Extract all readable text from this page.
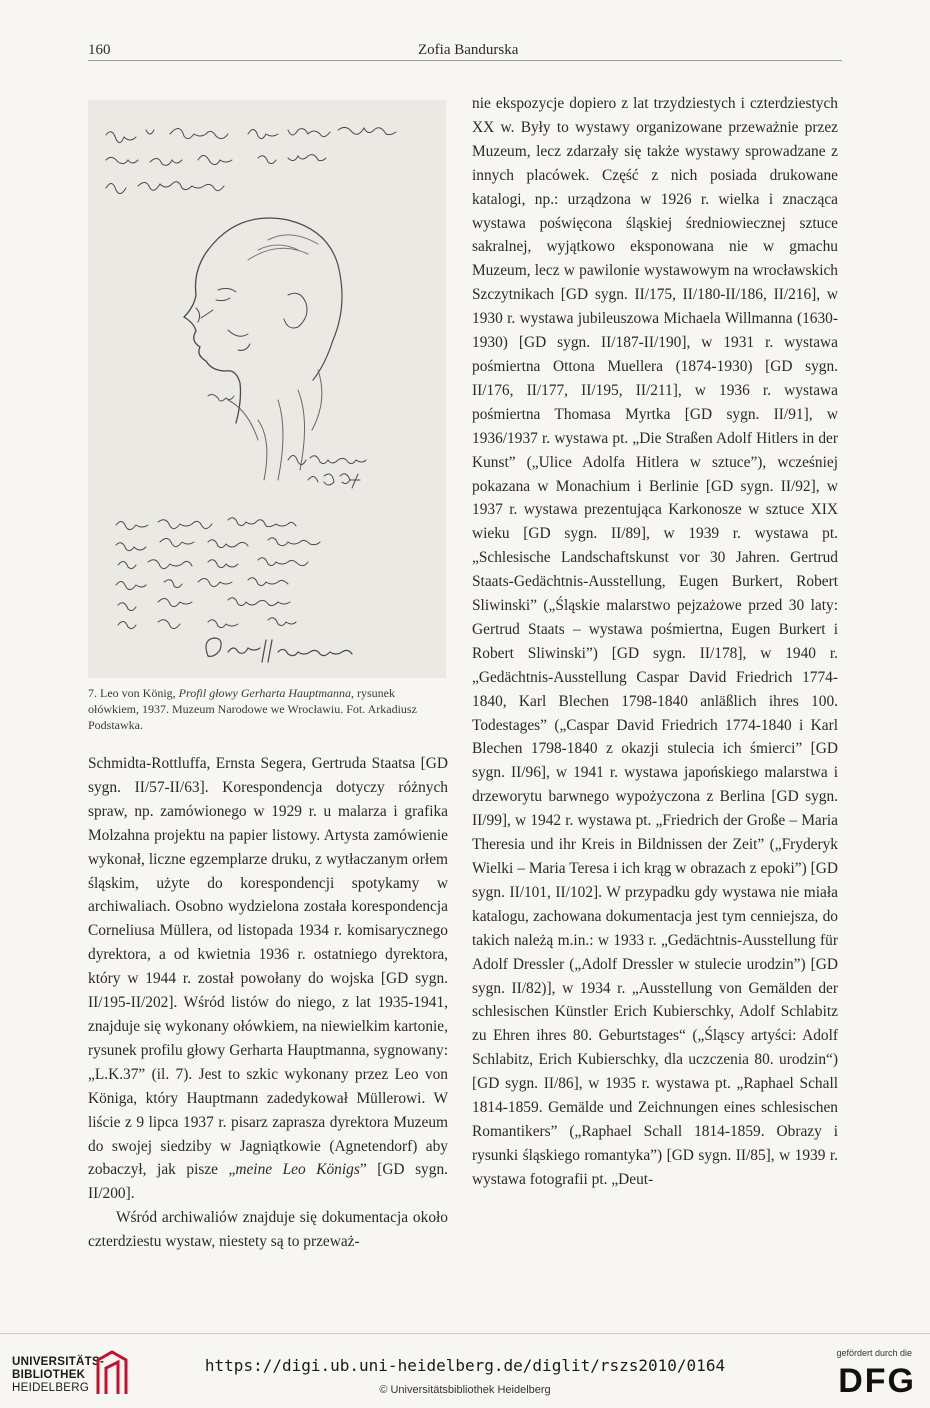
160	Zofia Bandurska
7. Leo von König, Profil głowy Gerharta Hauptmanna, rysunek ołówkiem, 1937. Muzeum Narodowe we Wrocławiu. Fot. Arkadiusz Podstawka.

Schmidta-Rottluffa, Ernsta Segera, Gertruda Staatsa [GD sygn. II/57-II/63]. Korespondencja dotyczy różnych spraw, np. zamówionego w 1929 r. u malarza i grafika Molzahna projektu na papier listowy. Artysta zamówienie wykonał, liczne egzemplarze druku, z wytłaczanym orłem śląskim, użyte do korespondencji spotykamy w archiwaliach. Osobno wydzielona została korespondencja Corneliusa Müllera, od listopada 1934 r. komisarycznego dyrektora, a od kwietnia 1936 r. ostatniego dyrektora, który w 1944 r. został powołany do wojska [GD sygn. II/195-II/202]. Wśród listów do niego, z lat 1935-1941, znajduje się wykonany ołówkiem, na niewielkim kartonie, rysunek profilu głowy Gerharta Hauptmanna, sygnowany: „L.K.37” (il. 7). Jest to szkic wykonany przez Leo von Königa, który Hauptmann zadedykował Müllerowi. W liście z 9 lipca 1937 r. pisarz zaprasza dyrektora Muzeum do swojej siedziby w Jagniątkowie (Agnetendorf) aby zobaczył, jak pisze „meine Leo Königs” [GD sygn. II/200].

Wśród archiwaliów znajduje się dokumentacja około czterdziestu wystaw, niestety są to przeważ-

nie ekspozycje dopiero z lat trzydziestych i czterdziestych XX w. Były to wystawy organizowane przeważnie przez Muzeum, lecz zdarzały się także wystawy sprowadzane z innych placówek. Część z nich posiada drukowane katalogi, np.: urządzona w 1926 r. wielka i znacząca wystawa poświęcona śląskiej średniowiecznej sztuce sakralnej, wyjątkowo eksponowana nie w gmachu Muzeum, lecz w pawilonie wystawowym na wrocławskich Szczytnikach [GD sygn. II/175, II/180-II/186, II/216], w 1930 r. wystawa jubileuszowa Michaela Willmanna (1630-1930) [GD sygn. II/187-II/190], w 1931 r. wystawa pośmiertna Ottona Muellera (1874-1930) [GD sygn. II/176, II/177, II/195, II/211], w 1936 r. wystawa pośmiertna Thomasa Myrtka [GD sygn. II/91], w 1936/1937 r. wystawa pt. „Die Straßen Adolf Hitlers in der Kunst” („Ulice Adolfa Hitlera w sztuce”), wcześniej pokazana w Monachium i Berlinie [GD sygn. II/92], w 1937 r. wystawa prezentująca Karkonosze w sztuce XIX wieku [GD sygn. II/89], w 1939 r. wystawa pt. „Schlesische Landschaftskunst vor 30 Jahren. Gertrud Staats-Gedächtnis-Ausstellung, Eugen Burkert, Robert Sliwinski” („Śląskie malarstwo pejzażowe przed 30 laty: Gertrud Staats – wystawa pośmiertna, Eugen Burkert i Robert Sliwinski”) [GD sygn. II/178], w 1940 r. „Gedächtnis-Ausstellung Caspar David Friedrich 1774-1840, Karl Blechen 1798-1840 anläßlich ihres 100. Todestages” („Caspar David Friedrich 1774-1840 i Karl Blechen 1798-1840 z okazji stulecia ich śmierci” [GD sygn. II/96], w 1941 r. wystawa japońskiego malarstwa i drzeworytu barwnego wypożyczona z Berlina [GD sygn. II/99], w 1942 r. wystawa pt. „Friedrich der Große – Maria Theresia und ihr Kreis in Bildnissen der Zeit” („Fryderyk Wielki – Maria Teresa i ich krąg w obrazach z epoki”) [GD sygn. II/101, II/102]. W przypadku gdy wystawa nie miała katalogu, zachowana dokumentacja jest tym cenniejsza, do takich należą m.in.: w 1933 r. „Gedächtnis-Ausstellung für Adolf Dressler („Adolf Dressler w stulecie urodzin”) [GD sygn. II/82)], w 1934 r. „Ausstellung von Gemälden der schlesischen Künstler Erich Kubierschky, Adolf Schlabitz zu Ehren ihres 80. Geburtstages“ („Śląscy artyści: Adolf Schlabitz, Erich Kubierschky, dla uczczenia 80. urodzin“) [GD sygn. II/86], w 1935 r. wystawa pt. „Raphael Schall 1814-1859. Gemälde und Zeichnungen eines schlesischen Romantikers” („Raphael Schall 1814-1859. Obrazy i rysunki śląskiego romantyka”) [GD sygn. II/85], w 1939 r. wystawa fotografii pt. „Deut-

UNIVERSITÄTS-
BIBLIOTHEK
HEIDELBERG
https://digi.ub.uni-heidelberg.de/diglit/rszs2010/0164
© Universitätsbibliothek Heidelberg
gefördert durch die
DFG
